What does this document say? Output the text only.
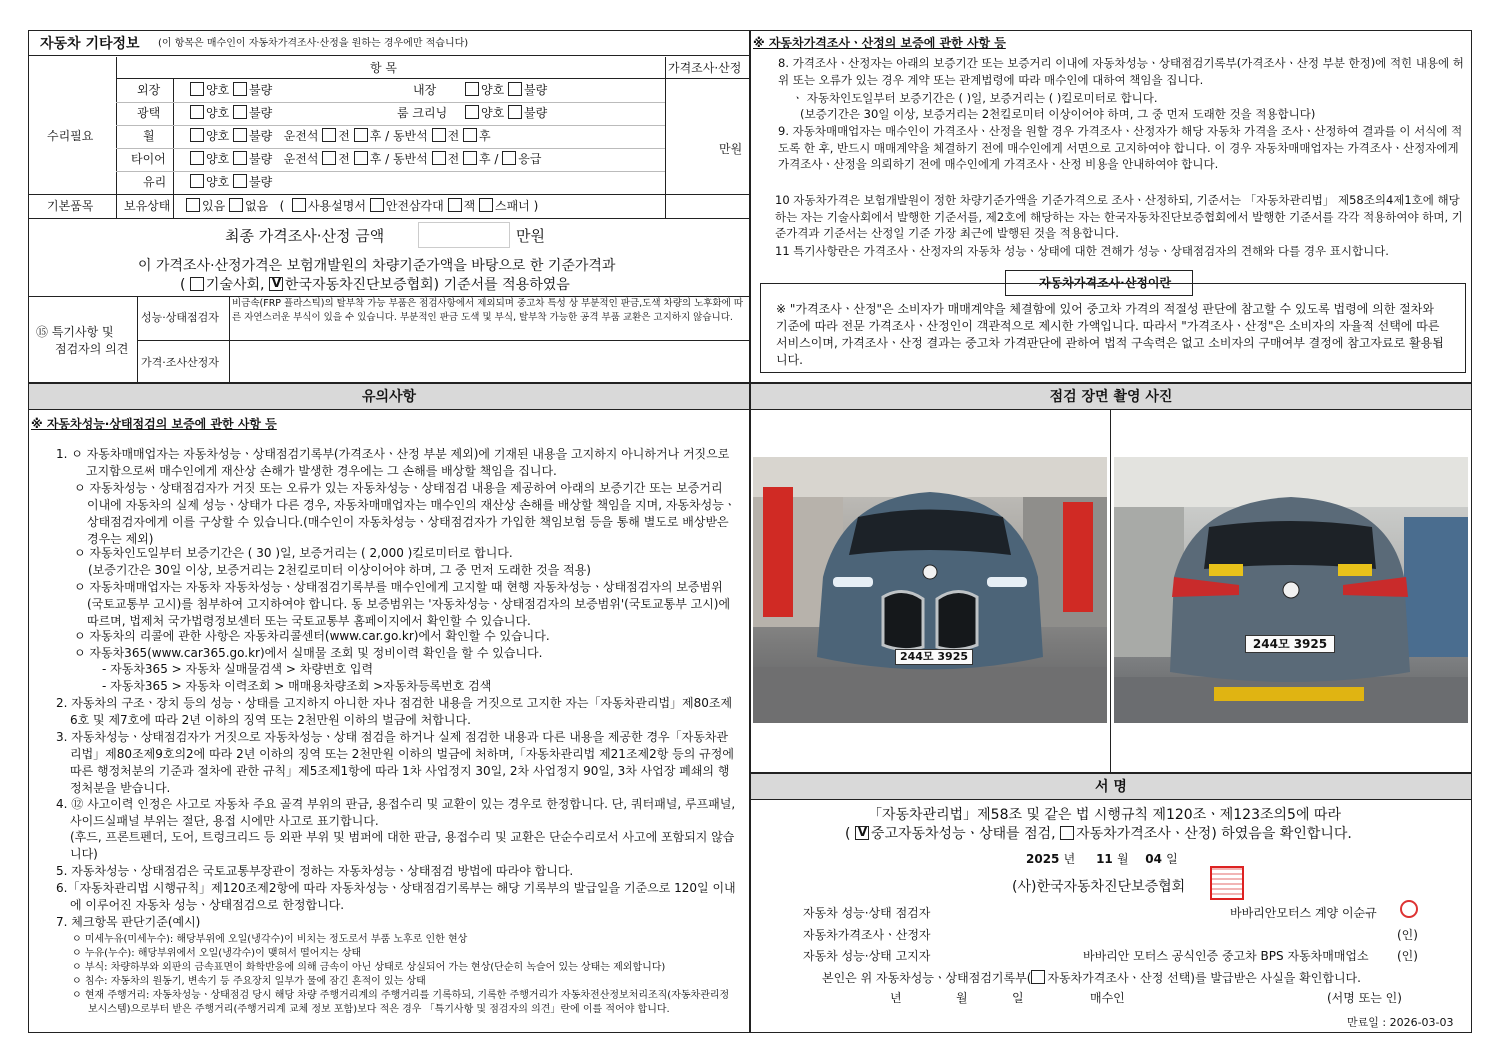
자동차 기타정보 (이 항목은 매수인이 자동차가격조사·산정을 원하는 경우에만 적습니다)
항 목	가격조사·산정
수리필요
만원
외장	양호 불량	내장	양호 불량
광택	양호 불량	룸 크리닝	양호 불량
휠	양호 불량 운전석 전 후 / 동반석 전 후
타이어	양호 불량 운전석 전 후 / 동반석 전 후 / 응급
유리	양호 불량
기본품목	보유상태	있음 없음   (  사용설명서 안전삼각대 잭 스패너 )
최종 가격조사·산정 금액	만원
이 가격조사·산정가격은 보험개발원의 차량기준가액을 바탕으로 한 기준가격과
( 기술사회, V 한국자동차진단보증협회) 기준서를 적용하였음
⑮ 특기사항 및
점검자의 의견
성능·상태점검자
비금속(FRP 플라스틱)의 탈부착 가능 부품은 점검사항에서 제외되며 중고차 특성 상 부분적인 판금,도색 차량의 노후화에 따른 자연스러운 부식이 있을 수 있습니다. 부분적인 판금 도색 및 부식, 탈부착 가능한 공격 부품 교환은 고지하지 않습니다.
가격·조사산정자
※ 자동차가격조사ㆍ산정의 보증에 관한 사항 등
8. 가격조사ㆍ산정자는 아래의 보증기간 또는 보증거리 이내에 자동차성능ㆍ상태점검기록부(가격조사ㆍ산정 부분 한정)에 적힌 내용에 허위 또는 오류가 있는 경우 계약 또는 관계법령에 따라 매수인에 대하여 책임을 집니다.
ㆍ 자동차인도일부터 보증기간은 ( )일, 보증거리는 ( )킬로미터로 합니다.
(보증기간은 30일 이상, 보증거리는 2천킬로미터 이상이어야 하며, 그 중 먼저 도래한 것을 적용합니다)
9. 자동차매매업자는 매수인이 가격조사ㆍ산정을 원할 경우 가격조사ㆍ산정자가 해당 자동차 가격을 조사ㆍ산정하여 결과를 이 서식에 적도록 한 후, 반드시 매매계약을 체결하기 전에 매수인에게 서면으로 고지하여야 합니다. 이 경우 자동차매매업자는 가격조사ㆍ산정자에게 가격조사ㆍ산정을 의뢰하기 전에 매수인에게 가격조사ㆍ산정 비용을 안내하여야 합니다.
10 자동차가격은 보험개발원이 정한 차량기준가액을 기준가격으로 조사ㆍ산정하되, 기준서는 「자동차관리법」 제58조의4제1호에 해당하는 자는 기술사회에서 발행한 기준서를, 제2호에 해당하는 자는 한국자동차진단보증협회에서 발행한 기준서를 각각 적용하여야 하며, 기준가격과 기준서는 산정일 기준 가장 최근에 발행된 것을 적용합니다.
11 특기사항란은 가격조사ㆍ산정자의 자동차 성능ㆍ상태에 대한 견해가 성능ㆍ상태점검자의 견해와 다를 경우 표시합니다.
자동차가격조사·산정이란
※ "가격조사ㆍ산정"은 소비자가 매매계약을 체결함에 있어 중고차 가격의 적절성 판단에 참고할 수 있도록 법령에 의한 절차와 기준에 따라 전문 가격조사ㆍ산정인이 객관적으로 제시한 가액입니다. 따라서 "가격조사ㆍ산정"은 소비자의 자율적 선택에 따른 서비스이며, 가격조사ㆍ산정 결과는 중고차 가격판단에 관하여 법적 구속력은 없고 소비자의 구매여부 결정에 참고자료로 활용됩니다.
유의사항
※ 자동차성능·상태점검의 보증에 관한 사항 등
1. ㅇ 자동차매매업자는 자동차성능ㆍ상태점검기록부(가격조사ㆍ산정 부분 제외)에 기재된 내용을 고지하지 아니하거나 거짓으로 고지함으로써 매수인에게 재산상 손해가 발생한 경우에는 그 손해를 배상할 책임을 집니다.
ㅇ 자동차성능ㆍ상태점검자가 거짓 또는 오류가 있는 자동차성능ㆍ상태점검 내용을 제공하여 아래의 보증기간 또는 보증거리 이내에 자동차의 실제 성능ㆍ상태가 다른 경우, 자동차매매업자는 매수인의 재산상 손해를 배상할 책임을 지며, 자동차성능ㆍ상태점검자에게 이를 구상할 수 있습니다.(매수인이 자동차성능ㆍ상태점검자가 가입한 책임보험 등을 통해 별도로 배상받은 경우는 제외)
ㅇ 자동차인도일부터 보증기간은 ( 30 )일, 보증거리는 ( 2,000 )킬로미터로 합니다.
(보증기간은 30일 이상, 보증거리는 2천킬로미터 이상이어야 하며, 그 중 먼저 도래한 것을 적용)
ㅇ 자동차매매업자는 자동차 자동차성능ㆍ상태점검기록부를 매수인에게 고지할 때 현행 자동차성능ㆍ상태점검자의 보증범위(국토교통부 고시)를 첨부하여 고지하여야 합니다. 동 보증범위는 '자동차성능ㆍ상태점검자의 보증범위'(국토교통부 고시)에 따르며, 법제처 국가법령정보센터 또는 국토교통부 홈페이지에서 확인할 수 있습니다.
ㅇ 자동차의 리콜에 관한 사항은 자동차리콜센터(www.car.go.kr)에서 확인할 수 있습니다.
ㅇ 자동차365(www.car365.go.kr)에서 실매물 조회 및 정비이력 확인을 할 수 있습니다.
- 자동차365 > 자동차 실매물검색 > 차량번호 입력
- 자동차365 > 자동차 이력조회 > 매매용차량조회 >자동차등록번호 검색
2. 자동차의 구조ㆍ장치 등의 성능ㆍ상태를 고지하지 아니한 자나 점검한 내용을 거짓으로 고지한 자는「자동차관리법」제80조제6호 및 제7호에 따라 2년 이하의 징역 또는 2천만원 이하의 벌금에 처합니다.
3. 자동차성능ㆍ상태점검자가 거짓으로 자동차성능ㆍ상태 점검을 하거나 실제 점검한 내용과 다른 내용을 제공한 경우「자동차관리법」제80조제9호의2에 따라 2년 이하의 징역 또는 2천만원 이하의 벌금에 처하며,「자동차관리법 제21조제2항 등의 규정에 따른 행정처분의 기준과 절차에 관한 규칙」제5조제1항에 따라 1차 사업정지 30일, 2차 사업정지 90일, 3차 사업장 폐쇄의 행정처분을 받습니다.
4. ⑫ 사고이력 인정은 사고로 자동차 주요 골격 부위의 판금, 용접수리 및 교환이 있는 경우로 한정합니다. 단, 쿼터패널, 루프패널, 사이드실패널 부위는 절단, 용접 시에만 사고로 표기합니다.
(후드, 프론트펜더, 도어, 트렁크리드 등 외판 부위 및 범퍼에 대한 판금, 용접수리 및 교환은 단순수리로서 사고에 포함되지 않습니다)
5. 자동차성능ㆍ상태점검은 국토교통부장관이 정하는 자동차성능ㆍ상태점검 방법에 따라야 합니다.
6.「자동차관리법 시행규칙」제120조제2항에 따라 자동차성능ㆍ상태점검기록부는 해당 기록부의 발급일을 기준으로 120일 이내에 이루어진 자동차 성능ㆍ상태점검으로 한정합니다.
7. 체크항목 판단기준(예시)
ㅇ 미세누유(미세누수): 해당부위에 오일(냉각수)이 비치는 정도로서 부품 노후로 인한 현상
ㅇ 누유(누수): 해당부위에서 오일(냉각수)이 맺혀서 떨어지는 상태
ㅇ 부식: 차량하부와 외판의 금속표면이 화학반응에 의해 금속이 아닌 상태로 상실되어 가는 현상(단순히 녹슬어 있는 상태는 제외합니다)
ㅇ 침수: 자동차의 원동기, 변속기 등 주요장치 일부가 물에 잠긴 흔적이 있는 상태
ㅇ 현재 주행거리: 자동차성능ㆍ상태점검 당시 해당 차량 주행거리계의 주행거리를 기록하되, 기록한 주행거리가 자동차전산정보처리조직(자동차관리정보시스템)으로부터 받은 주행거리(주행거리계 교체 정보 포함)보다 적은 경우 「특기사항 및 점검자의 의견」란에 이를 적어야 합니다.
점검 장면 촬영 사진
244모 3925
244모 3925
서 명
「자동차관리법」제58조 및 같은 법 시행규칙 제120조ㆍ제123조의5에 따라
( V중고자동차성능ㆍ상태를 점검, 자동차가격조사ㆍ산정) 하였음을 확인합니다.
2025 년 11 월 04 일
(사)한국자동차진단보증협회
자동차 성능·상태 점검자	바바리안모터스 계양 이순규
자동차가격조사ㆍ산정자	(인)
자동차 성능·상태 고지자	바바리안 모터스 공식인증 중고차 BPS 자동차매매업소 (인)
본인은 위 자동차성능ㆍ상태점검기록부( 자동차가격조사ㆍ산정 선택)를 발급받은 사실을 확인합니다.
년	월	일	매수인	(서명 또는 인)
만료일 : 2026-03-03
